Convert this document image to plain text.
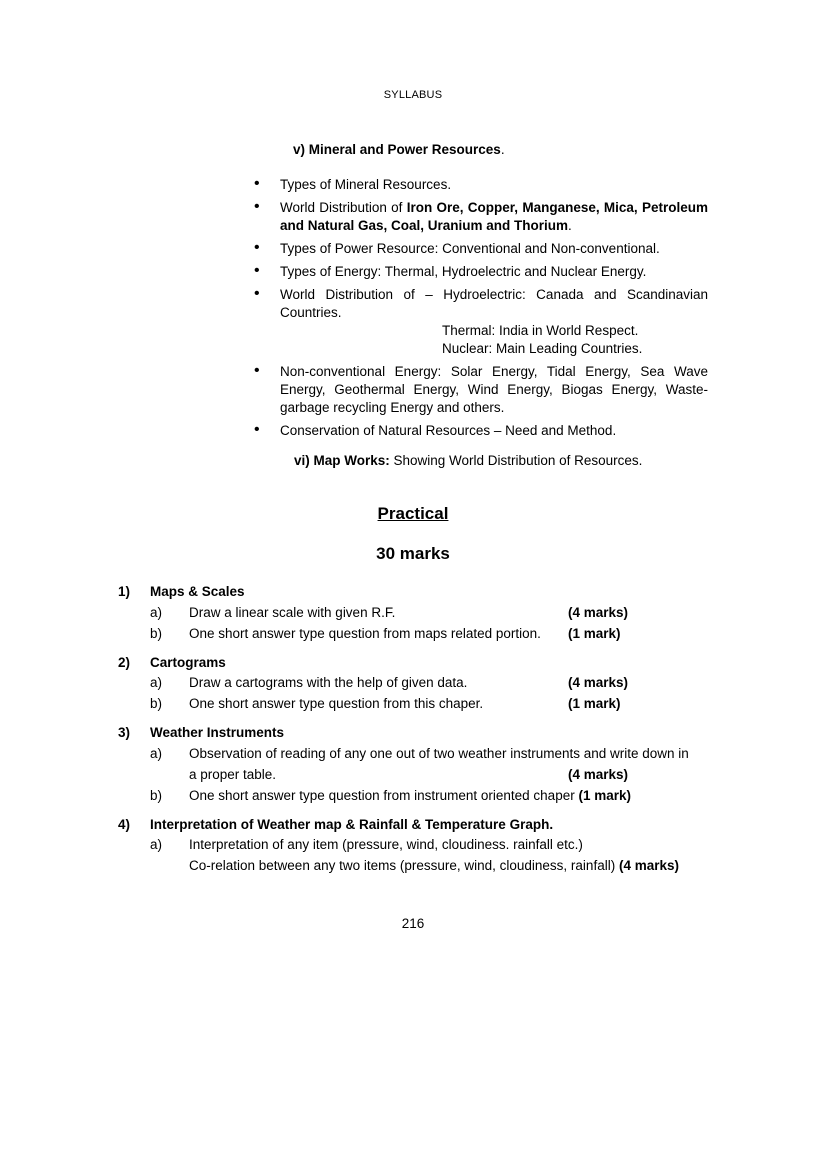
SYLLABUS
v) Mineral and Power Resources.
• Types of Mineral Resources.
• World Distribution of Iron Ore, Copper, Manganese, Mica, Petroleum and Natural Gas, Coal, Uranium and Thorium.
• Types of Power Resource: Conventional and Non-conventional.
• Types of Energy: Thermal, Hydroelectric and Nuclear Energy.
• World Distribution of – Hydroelectric: Canada and Scandinavian Countries.
Thermal: India in World Respect.
Nuclear: Main Leading Countries.
• Non-conventional Energy: Solar Energy, Tidal Energy, Sea Wave Energy, Geothermal Energy, Wind Energy, Biogas Energy, Waste-garbage recycling Energy and others.
• Conservation of Natural Resources – Need and Method.
vi) Map Works: Showing World Distribution of Resources.
Practical
30 marks
1) Maps & Scales
a) Draw a linear scale with given R.F.	(4 marks)
b) One short answer type question from maps related portion.	(1 mark)
2) Cartograms
a) Draw a cartograms with the help of given data.	(4 marks)
b) One short answer type question from this chaper.	(1 mark)
3) Weather Instruments
a) Observation of reading of any one out of two weather instruments and write down in
a proper table.	(4 marks)
b) One short answer type question from instrument oriented chaper (1 mark)
4) Interpretation of Weather map & Rainfall & Temperature Graph.
a) Interpretation of any item (pressure, wind, cloudiness. rainfall etc.)
Co-relation between any two items (pressure, wind, cloudiness, rainfall) (4 marks)
216
